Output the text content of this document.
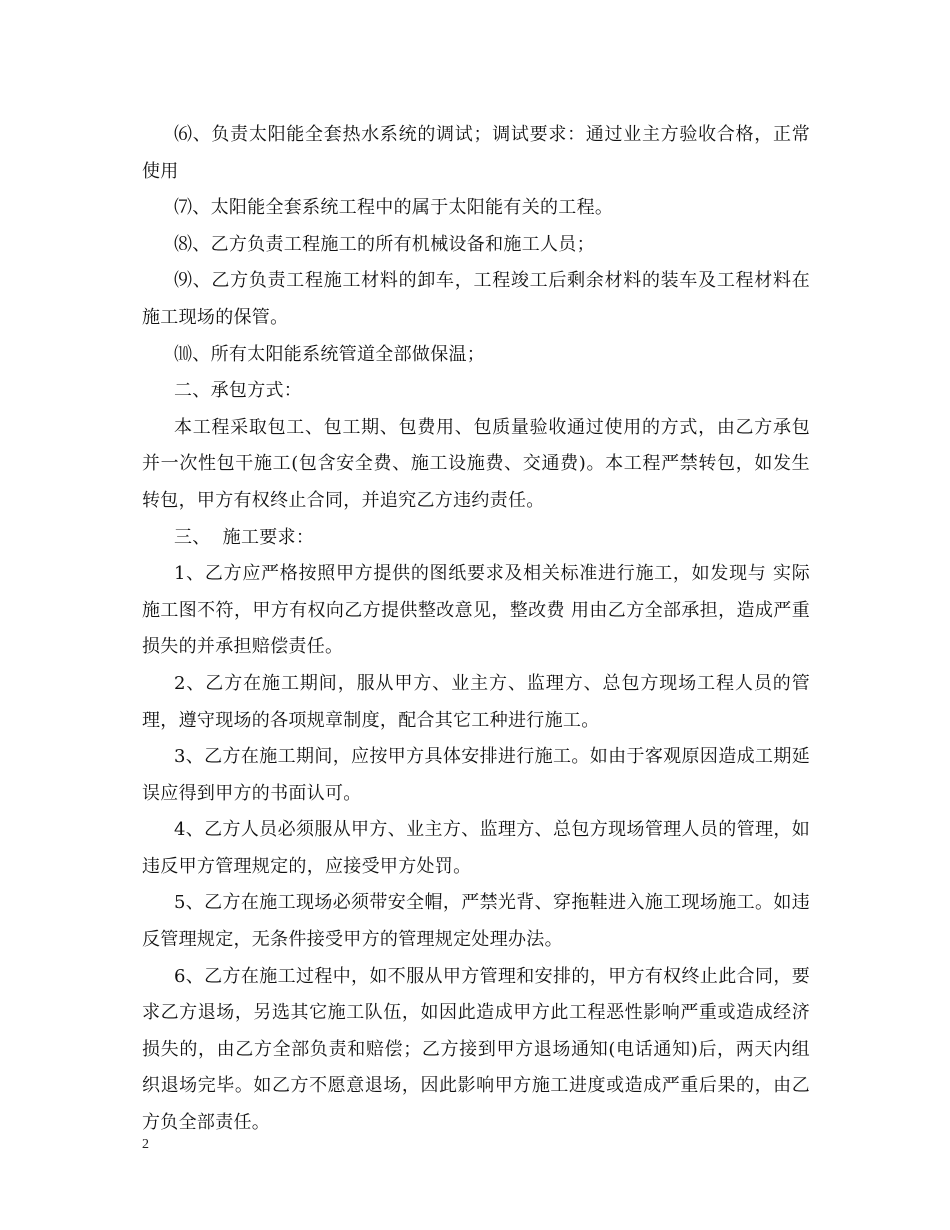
⑹、负责太阳能全套热水系统的调试；调试要求：通过业主方验收合格，正常使用

⑺、太阳能全套系统工程中的属于太阳能有关的工程。

⑻、乙方负责工程施工的所有机械设备和施工人员；

⑼、乙方负责工程施工材料的卸车，工程竣工后剩余材料的装车及工程材料在施工现场的保管。

⑽、所有太阳能系统管道全部做保温；

二、承包方式：

本工程采取包工、包工期、包费用、包质量验收通过使用的方式，由乙方承包并一次性包干施工(包含安全费、施工设施费、交通费)。本工程严禁转包，如发生转包，甲方有权终止合同，并追究乙方违约责任。

三、  施工要求：

1、乙方应严格按照甲方提供的图纸要求及相关标准进行施工，如发现与 实际施工图不符，甲方有权向乙方提供整改意见，整改费 用由乙方全部承担，造成严重损失的并承担赔偿责任。

2、乙方在施工期间，服从甲方、业主方、监理方、总包方现场工程人员的管理，遵守现场的各项规章制度，配合其它工种进行施工。

3、乙方在施工期间，应按甲方具体安排进行施工。如由于客观原因造成工期延误应得到甲方的书面认可。

4、乙方人员必须服从甲方、业主方、监理方、总包方现场管理人员的管理，如违反甲方管理规定的，应接受甲方处罚。

5、乙方在施工现场必须带安全帽，严禁光背、穿拖鞋进入施工现场施工。如违反管理规定，无条件接受甲方的管理规定处理办法。

6、乙方在施工过程中，如不服从甲方管理和安排的，甲方有权终止此合同，要求乙方退场，另选其它施工队伍，如因此造成甲方此工程恶性影响严重或造成经济损失的，由乙方全部负责和赔偿；乙方接到甲方退场通知(电话通知)后，两天内组织退场完毕。如乙方不愿意退场，因此影响甲方施工进度或造成严重后果的，由乙方负全部责任。

2
